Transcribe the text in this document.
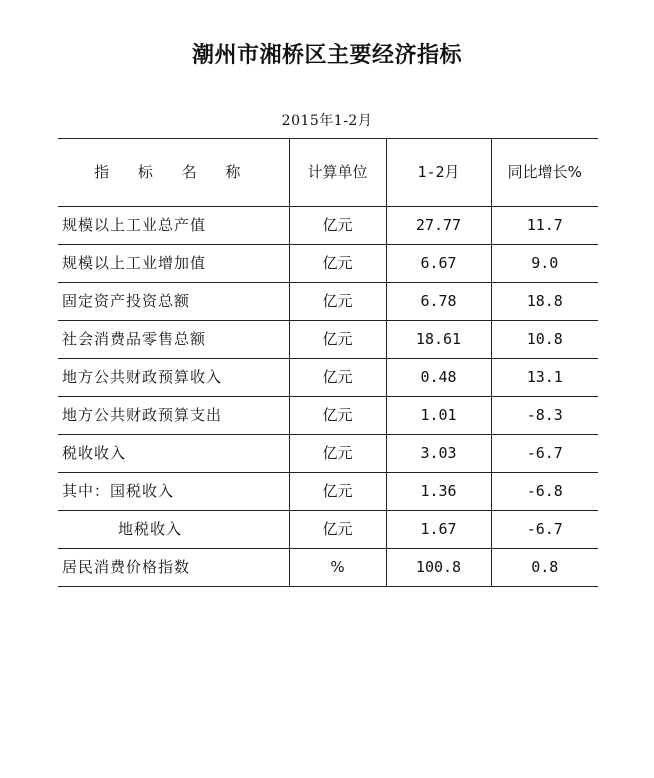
潮州市湘桥区主要经济指标
2015年1-2月
指 标 名 称	计算单位	1-2月	同比增长%
规模以上工业总产值	亿元	27.77	11.7
规模以上工业增加值	亿元	6.67	9.0
固定资产投资总额	亿元	6.78	18.8
社会消费品零售总额	亿元	18.61	10.8
地方公共财政预算收入	亿元	0.48	13.1
地方公共财政预算支出	亿元	1.01	-8.3
税收收入	亿元	3.03	-6.7
其中：国税收入	亿元	1.36	-6.8
地税收入	亿元	1.67	-6.7
居民消费价格指数	%	100.8	0.8
